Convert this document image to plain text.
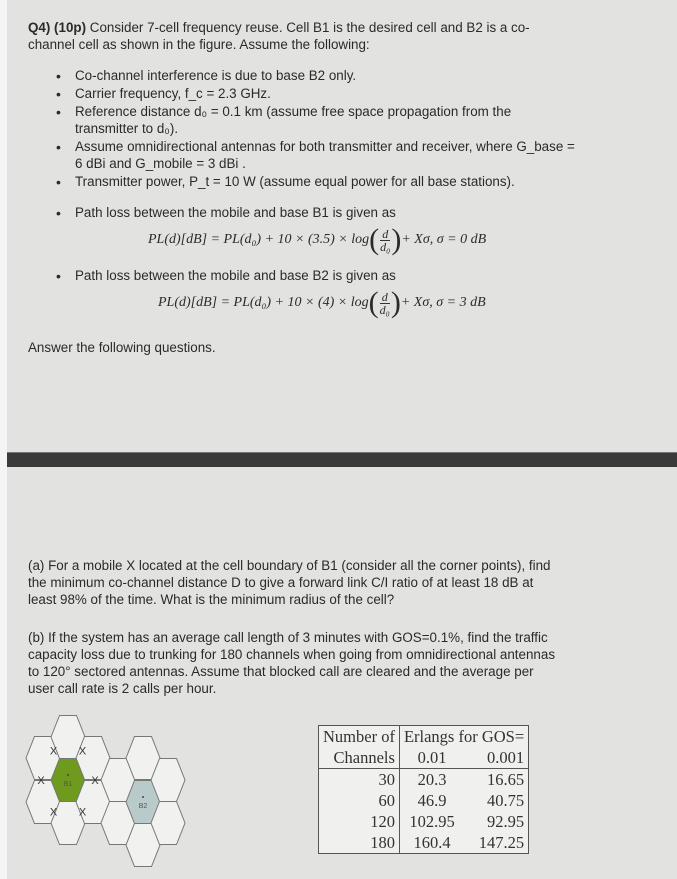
Q4) (10p) Consider 7-cell frequency reuse. Cell B1 is the desired cell and B2 is a co-
channel cell as shown in the figure. Assume the following:
• Co-channel interference is due to base B2 only.
• Carrier frequency, f_c = 2.3 GHz.
• Reference distance d₀ = 0.1 km (assume free space propagation from the
transmitter to d₀).
• Assume omnidirectional antennas for both transmitter and receiver, where G_base =
6 dBi and G_mobile = 3 dBi .
• Transmitter power, P_t = 10 W (assume equal power for all base stations).
• Path loss between the mobile and base B1 is given as
• Path loss between the mobile and base B2 is given as
PL(d)[dB] = PL(d₀) + 10 × (3.5) × log ( $\frac{d}{\text{d₀}}$ ) + Xσ, σ = 0 dB
PL(d)[dB] = PL(d₀) + 10 × (4) × log ( $\frac{d}{\text{d₀}}$ ) + Xσ, σ = 3 dB
Answer the following questions.
(a) For a mobile X located at the cell boundary of B1 (consider all the corner points), find
the minimum co-channel distance D to give a forward link C/I ratio of at least 18 dB at
least 98% of the time. What is the minimum radius of the cell?
(b) If the system has an average call length of 3 minutes with GOS=0.1%, find the traffic
capacity loss due to trunking for 180 channels when going from omnidirectional antennas
to 120° sectored antennas. Assume that blocked call are cleared and the average per
user call rate is 2 calls per hour.
B1
B2
X
X X
X
X
X
Number of	Erlangs for GOS=	
Channels	0.01	0.001
30	20.3	16.65
60	46.9	40.75
120	102.95	92.95
180	160.4	147.25
